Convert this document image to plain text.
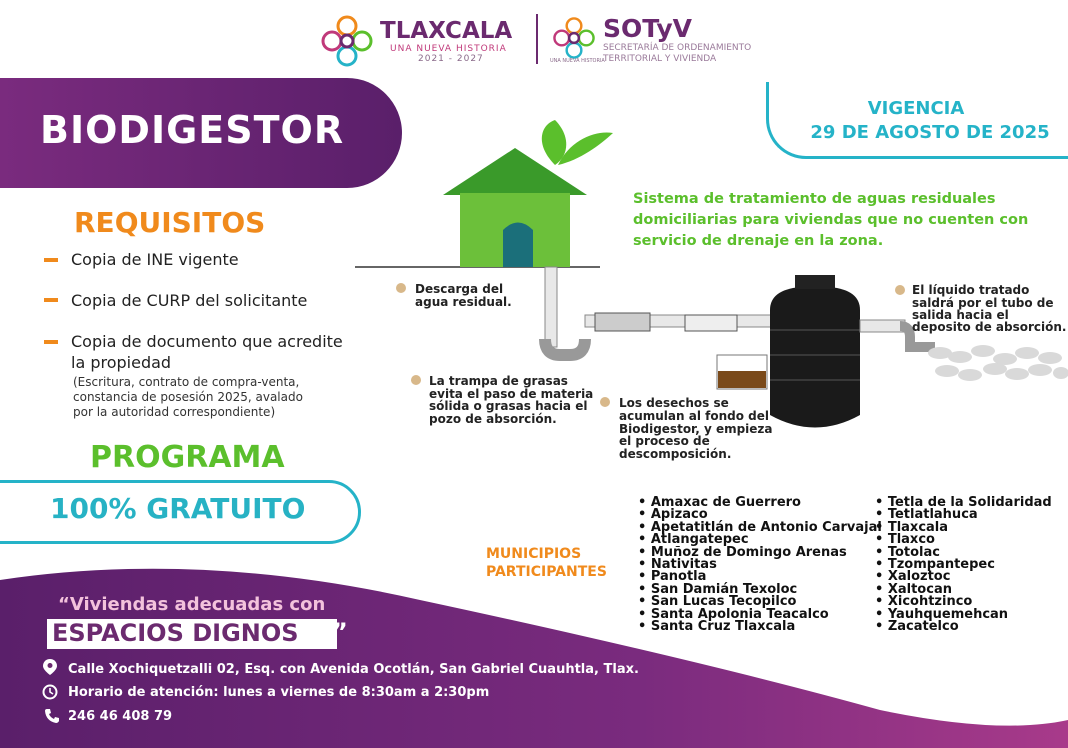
TLAXCALA
UNA NUEVA HISTORIA
2021 - 2027	UNA NUEVA HISTORIA
SOTyV
SECRETARÍA DE ORDENAMIENTO
TERRITORIAL Y VIVIENDA
BIODIGESTOR	VIGENCIA
29 DE AGOSTO DE 2025
REQUISITOS
Copia de INE vigente
Copia de CURP del solicitante
Copia de documento que acredite
la propiedad
(Escritura, contrato de compra-venta,
constancia de posesión 2025, avalado
por la autoridad correspondiente)
PROGRAMA
100% GRATUITO
Sistema de tratamiento de aguas residuales domiciliarias para viviendas que no cuenten con servicio de drenaje en la zona.
Descarga del
agua residual.
La trampa de grasas
evita el paso de materia
sólida o grasas hacia el
pozo de absorción.
Los desechos se
acumulan al fondo del
Biodigestor, y empieza
el proceso de
descomposición.
El líquido tratado
saldrá por el tubo de
salida hacia el
deposito de absorción.
MUNICIPIOS
PARTICIPANTES
• Amaxac de Guerrero
• Apizaco
• Apetatitlán de Antonio Carvajal
• Atlangatepec
• Muñoz de Domingo Arenas
• Nativitas
• Panotla
• San Damián Texoloc
• San Lucas Tecopilco
• Santa Apolonia Teacalco
• Santa Cruz Tlaxcala
• Tetla de la Solidaridad
• Tetlatlahuca
• Tlaxcala
• Tlaxco
• Totolac
• Tzompantepec
• Xaloztoc
• Xaltocan
• Xicohtzinco
• Yauhquemehcan
• Zacatelco
“Viviendas adecuadas con
ESPACIOS DIGNOS ”
Calle Xochiquetzalli 02, Esq. con Avenida Ocotlán, San Gabriel Cuauhtla, Tlax.
Horario de atención: lunes a viernes de 8:30am a 2:30pm
246 46 408 79
